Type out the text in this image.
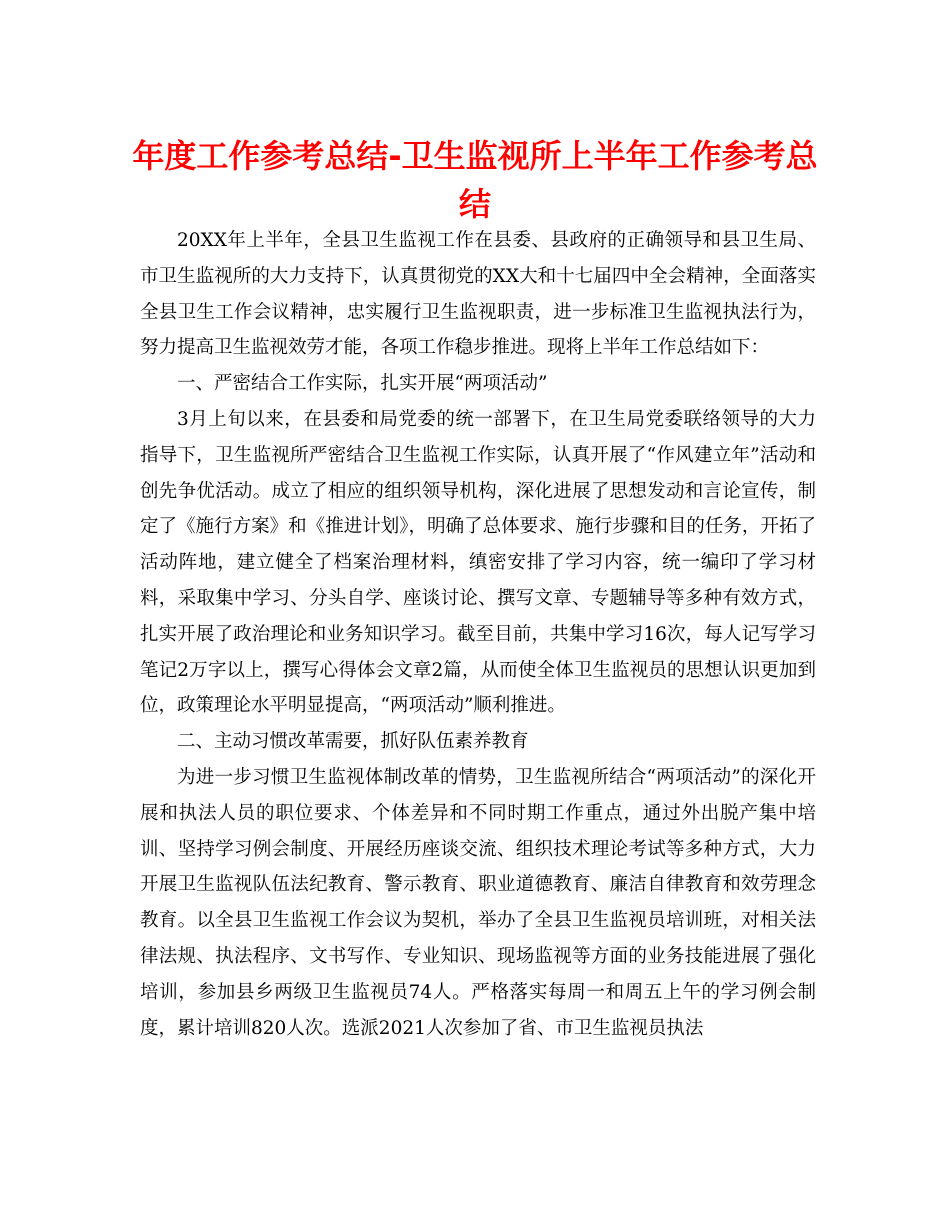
年度工作参考总结-卫生监视所上半年工作参考总结

20XX年上半年，全县卫生监视工作在县委、县政府的正确领导和县卫生局、市卫生监视所的大力支持下，认真贯彻党的XX大和十七届四中全会精神，全面落实全县卫生工作会议精神，忠实履行卫生监视职责，进一步标准卫生监视执法行为，努力提高卫生监视效劳才能，各项工作稳步推进。现将上半年工作总结如下：

一、严密结合工作实际，扎实开展“两项活动”

3月上旬以来，在县委和局党委的统一部署下，在卫生局党委联络领导的大力指导下，卫生监视所严密结合卫生监视工作实际，认真开展了“作风建立年”活动和创先争优活动。成立了相应的组织领导机构，深化进展了思想发动和言论宣传，制定了《施行方案》和《推进计划》，明确了总体要求、施行步骤和目的任务，开拓了活动阵地，建立健全了档案治理材料，缜密安排了学习内容，统一编印了学习材料，采取集中学习、分头自学、座谈讨论、撰写文章、专题辅导等多种有效方式，扎实开展了政治理论和业务知识学习。截至目前，共集中学习16次，每人记写学习笔记2万字以上，撰写心得体会文章2篇，从而使全体卫生监视员的思想认识更加到位，政策理论水平明显提高，“两项活动”顺利推进。

二、主动习惯改革需要，抓好队伍素养教育

为进一步习惯卫生监视体制改革的情势，卫生监视所结合“两项活动”的深化开展和执法人员的职位要求、个体差异和不同时期工作重点，通过外出脱产集中培训、坚持学习例会制度、开展经历座谈交流、组织技术理论考试等多种方式，大力开展卫生监视队伍法纪教育、警示教育、职业道德教育、廉洁自律教育和效劳理念教育。以全县卫生监视工作会议为契机，举办了全县卫生监视员培训班，对相关法律法规、执法程序、文书写作、专业知识、现场监视等方面的业务技能进展了强化培训，参加县乡两级卫生监视员74人。严格落实每周一和周五上午的学习例会制度，累计培训820人次。选派2021人次参加了省、市卫生监视员执法
